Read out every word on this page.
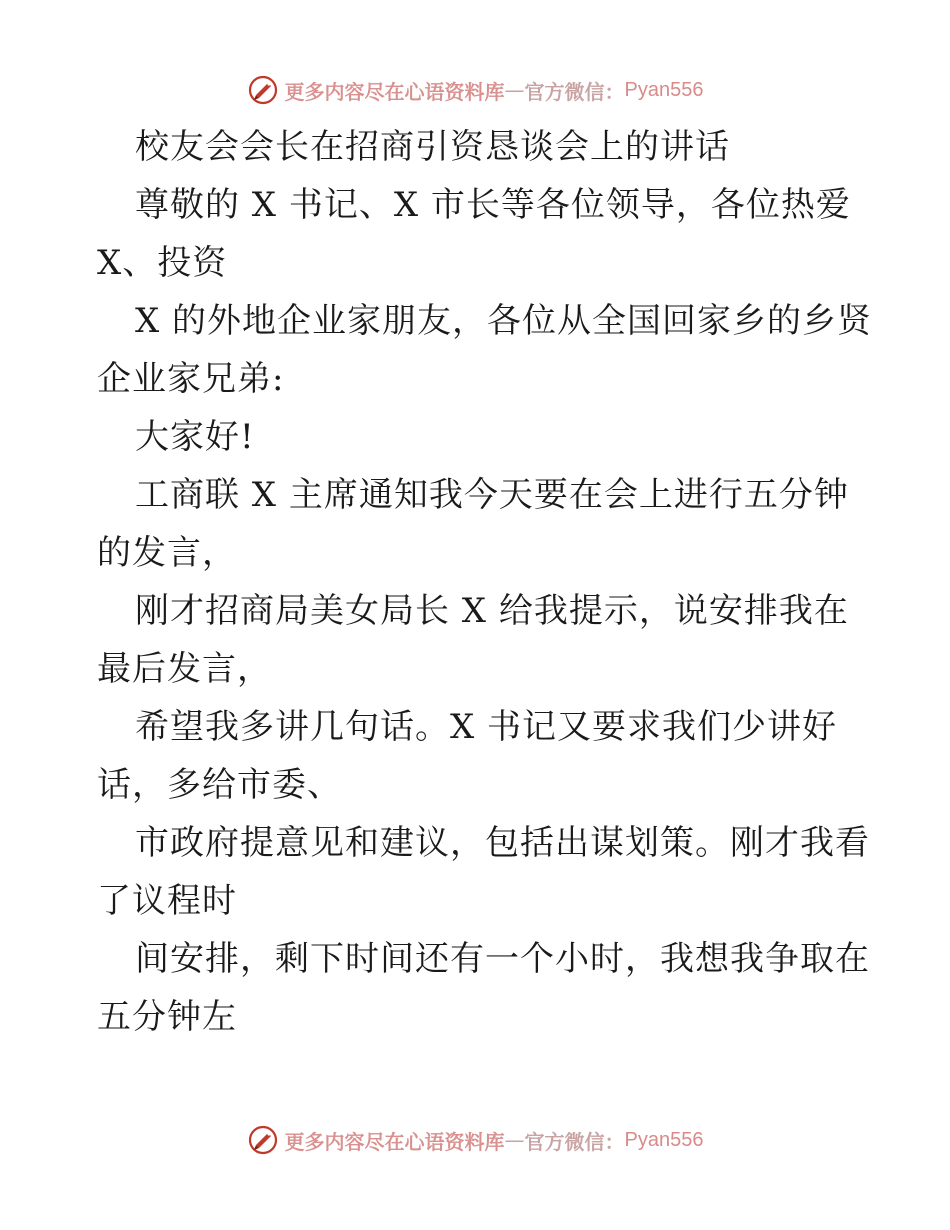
更多内容尽在心语资料库 — 官方微信： Pyan556
校友会会长在招商引资恳谈会上的讲话
尊敬的 X 书记、X 市长等各位领导，各位热爱
X、投资
X 的外地企业家朋友，各位从全国回家乡的乡贤
企业家兄弟:
大家好!
工商联 X 主席通知我今天要在会上进行五分钟
的发言，
刚才招商局美女局长 X 给我提示，说安排我在
最后发言，
希望我多讲几句话。X 书记又要求我们少讲好
话，多给市委、
市政府提意见和建议，包括出谋划策。刚才我看
了议程时
间安排，剩下时间还有一个小时，我想我争取在
五分钟左
更多内容尽在心语资料库 — 官方微信： Pyan556
